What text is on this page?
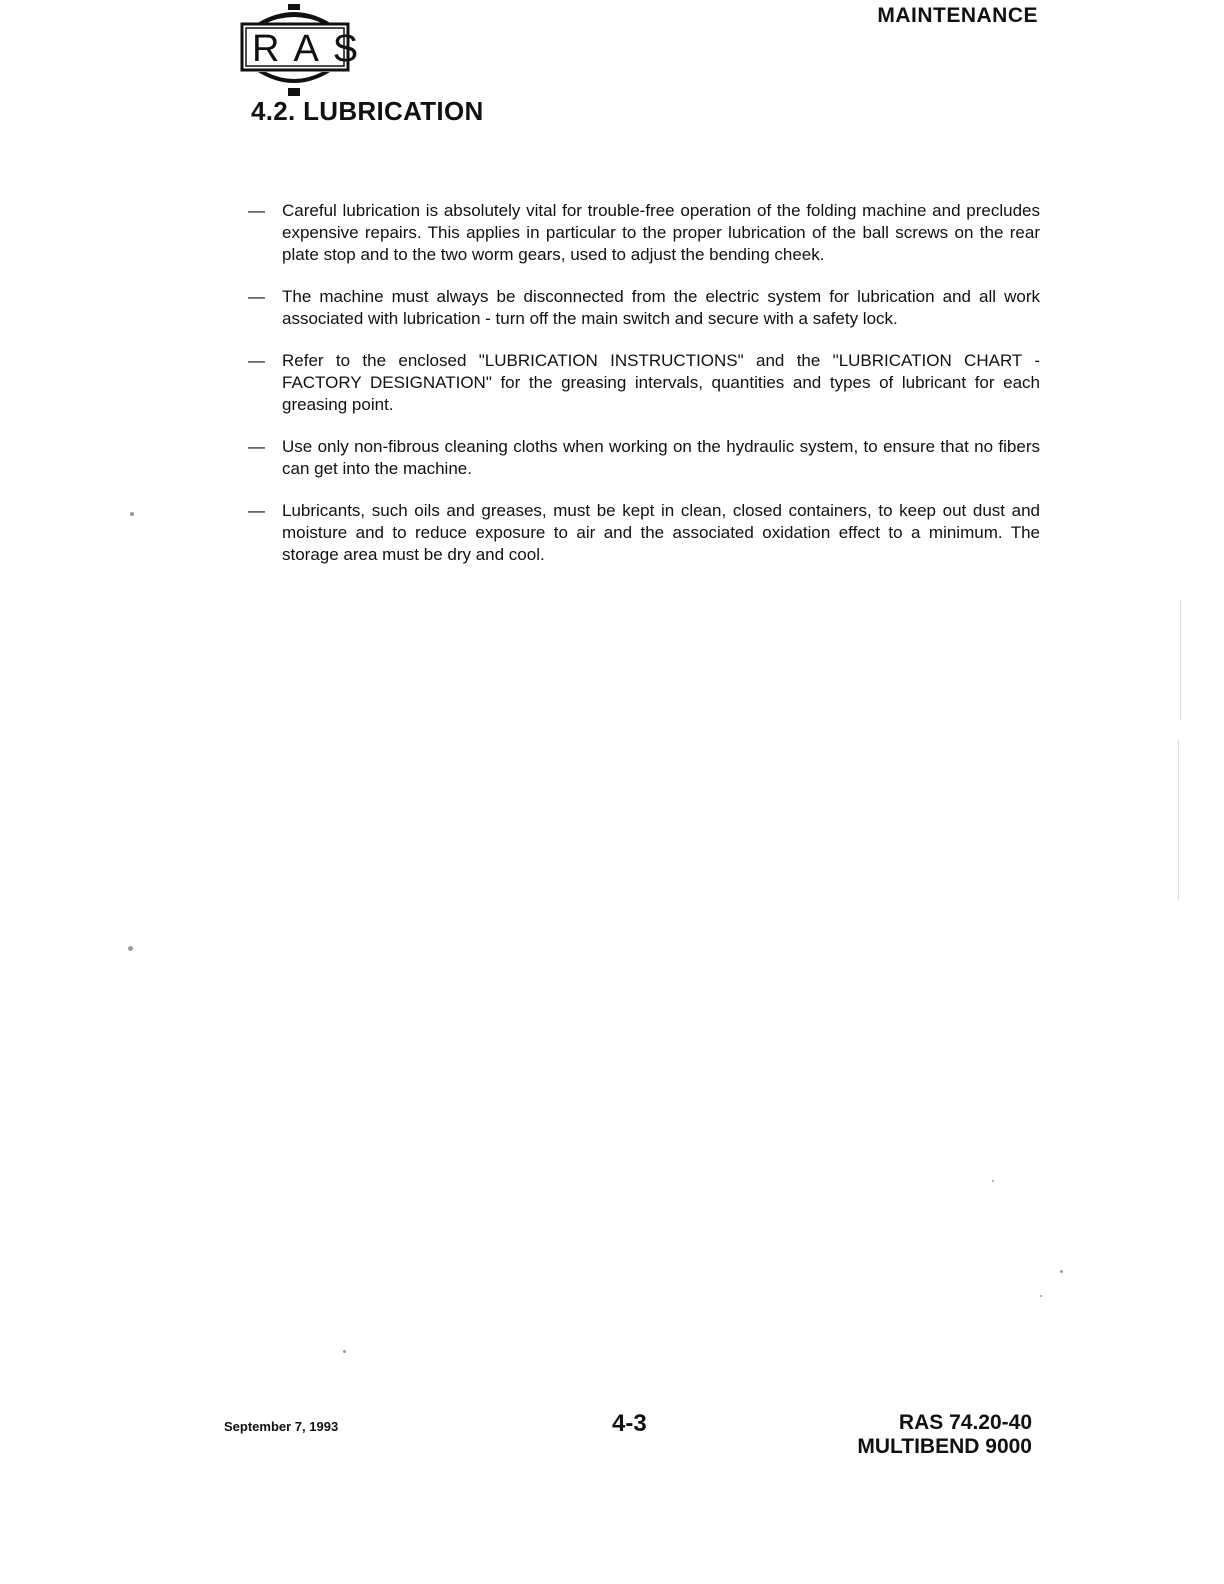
RAS
MAINTENANCE
4.2. LUBRICATION
—	Careful lubrication is absolutely vital for trouble-free operation of the folding machine and precludes expensive repairs. This applies in particular to the proper lubrication of the ball screws on the rear plate stop and to the two worm gears, used to adjust the bending cheek.
—	The machine must always be disconnected from the electric system for lubrication and all work associated with lubrication - turn off the main switch and secure with a safety lock.
—	Refer to the enclosed "LUBRICATION INSTRUCTIONS" and the "LUBRICATION CHART - FACTORY DESIGNATION" for the greasing intervals, quantities and types of lubricant for each greasing point.
—	Use only non-fibrous cleaning cloths when working on the hydraulic system, to ensure that no fibers can get into the machine.
—	Lubricants, such oils and greases, must be kept in clean, closed containers, to keep out dust and moisture and to reduce exposure to air and the associated oxidation effect to a minimum. The storage area must be dry and cool.
September 7, 1993	4-3	RAS 74.20-40
MULTIBEND 9000
